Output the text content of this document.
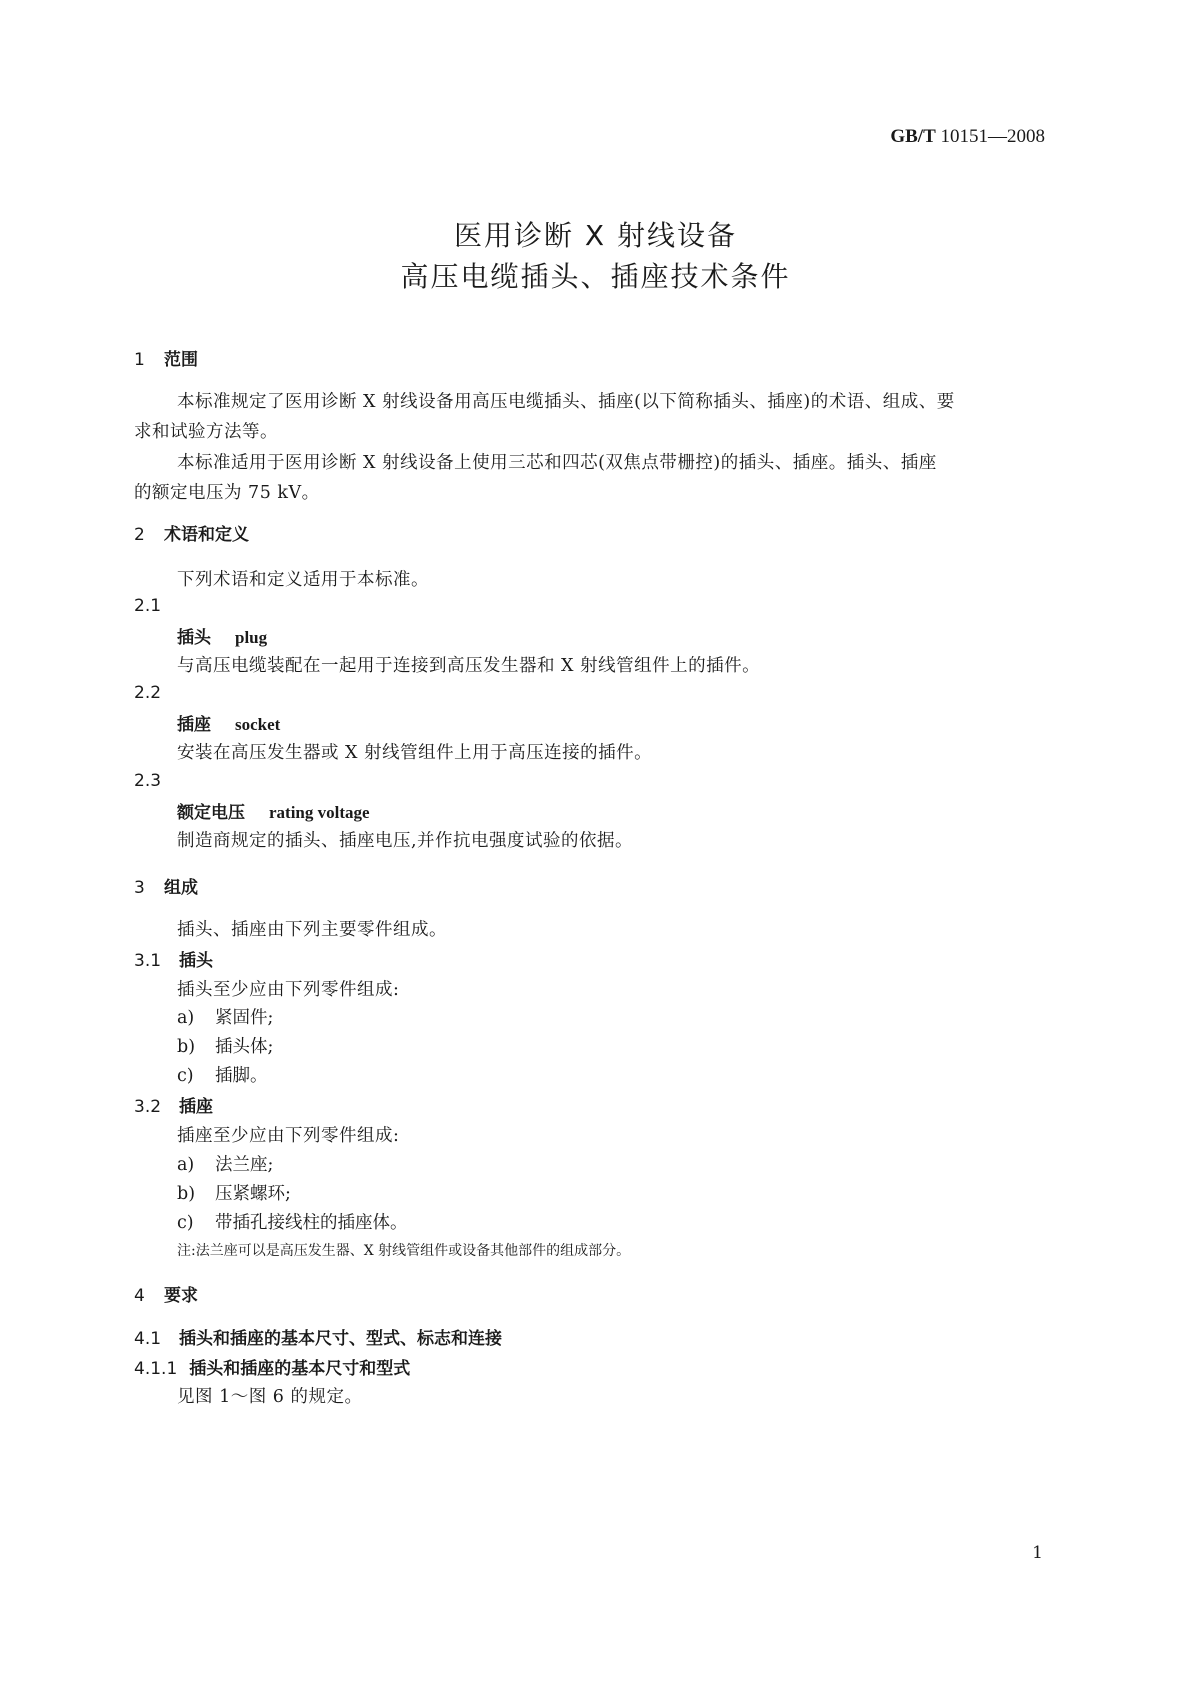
GB/T 10151—2008
医用诊断 X 射线设备
高压电缆插头、插座技术条件
1 范围
本标准规定了医用诊断 X 射线设备用高压电缆插头、插座(以下简称插头、插座)的术语、组成、要
求和试验方法等。
本标准适用于医用诊断 X 射线设备上使用三芯和四芯(双焦点带栅控)的插头、插座。插头、插座
的额定电压为 75 kV。
2 术语和定义
下列术语和定义适用于本标准。
2.1
插头 plug
与高压电缆装配在一起用于连接到高压发生器和 X 射线管组件上的插件。
2.2
插座 socket
安装在高压发生器或 X 射线管组件上用于高压连接的插件。
2.3
额定电压 rating voltage
制造商规定的插头、插座电压,并作抗电强度试验的依据。
3 组成
插头、插座由下列主要零件组成。
3.1 插头
插头至少应由下列零件组成:
a) 紧固件;
b) 插头体;
c) 插脚。
3.2 插座
插座至少应由下列零件组成:
a) 法兰座;
b) 压紧螺环;
c) 带插孔接线柱的插座体。
注:法兰座可以是高压发生器、X 射线管组件或设备其他部件的组成部分。
4 要求
4.1 插头和插座的基本尺寸、型式、标志和连接
4.1.1 插头和插座的基本尺寸和型式
见图 1～图 6 的规定。
1
